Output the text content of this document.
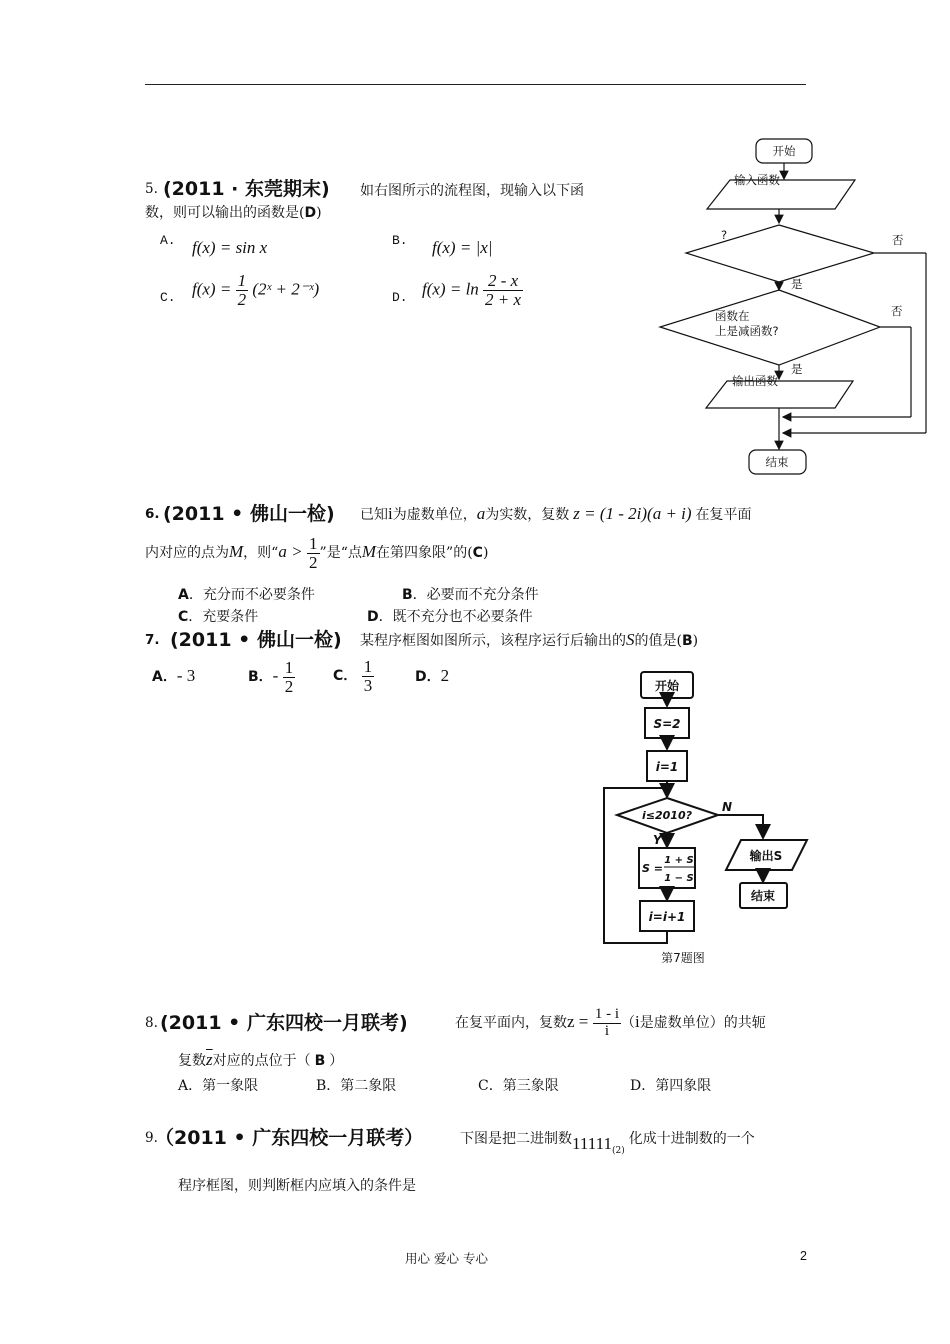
5. (2011 · 东莞期末) 如右图所示的流程图，现输入以下函
数，则可以输出的函数是(D)
A. f(x) = sin x	B. f(x) = |x|
C. $f(x) = \frac{1}{2}$ (2ˣ + 2⁻ˣ)	D. $f(x) = \ln \frac{2 - x}{2 + x}$
开始
输入函数
?	否
是
函数在
上是减函数?
否
是
输出函数
结束
6. (2011 • 佛山一检) 已知i为虚数单位，a为实数，复数 z = (1 - 2i)(a + i) 在复平面
内对应的点为M，则“$a > \frac{1}{2}$ ”是“点M在第四象限”的(C)
A．充分而不必要条件	B．必要而不充分条件
C．充要条件	D．既不充分也不必要条件
7. (2011 • 佛山一检) 某程序框图如图所示，该程序运行后输出的S的值是(B)
A．- 3	B．- $\frac{1}{2}$	C． $\frac{1}{3}$	D．2
开始
S=2
i=1
i≤2010?
N
Y
S =
1 + S
1 − S
i=i+1
输出S
结束
第7题图
8. (2011 • 广东四校一月联考)	在复平面内，复数$z = \frac{1 - i}{i} (i$是虚数单位）的共轭
复数$\overline{z}$对应的点位于（ B ）
A．第一象限	B．第二象限	C．第三象限	D．第四象限
9.
（2011 • 广东四校一月联考）	下图是把二进制数$11111_{(2)}$化成十进制数的一个
程序框图，则判断框内应填入的条件是
用心 爱心 专心	2
